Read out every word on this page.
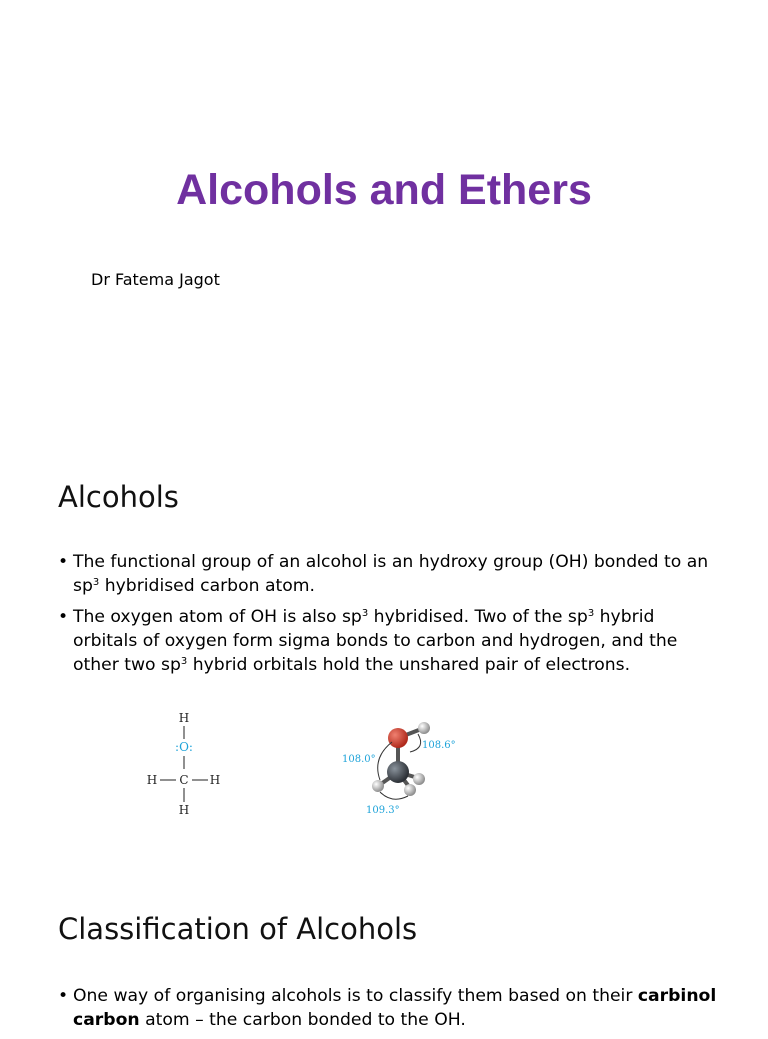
Alcohols and Ethers

Dr Fatema Jagot

Alcohols
• The functional group of an alcohol is an hydroxy group (OH) bonded to an $sp^3$ hybridised carbon atom.
• The oxygen atom of OH is also $sp^3$ hybridised. Two of the $sp^3$ hybrid orbitals of oxygen form sigma bonds to carbon and hydrogen, and the other two $sp^3$ hybrid orbitals hold the unshared pair of electrons.
H
:O:
H C H
H
108.6°
108.0°
109.3°
Classification of Alcohols
• One way of organising alcohols is to classify them based on their carbinol carbon atom – the carbon bonded to the OH.
